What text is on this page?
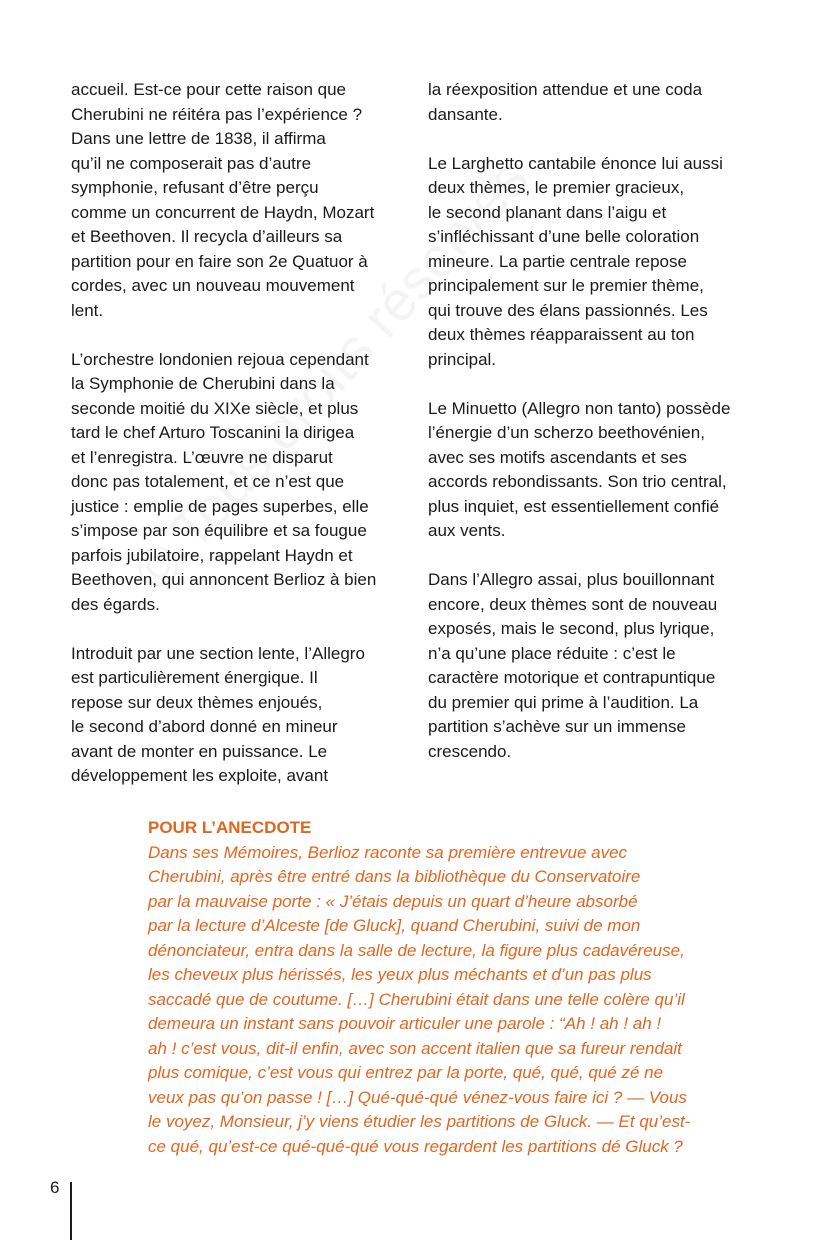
accueil. Est-ce pour cette raison que
Cherubini ne réitéra pas l’expérience ?
Dans une lettre de 1838, il affirma
qu’il ne composerait pas d’autre
symphonie, refusant d’être perçu
comme un concurrent de Haydn, Mozart
et Beethoven. Il recycla d’ailleurs sa
partition pour en faire son 2e Quatuor à
cordes, avec un nouveau mouvement
lent.
L’orchestre londonien rejoua cependant
la Symphonie de Cherubini dans la
seconde moitié du XIXe siècle, et plus
tard le chef Arturo Toscanini la dirigea
et l’enregistra. L’œuvre ne disparut
donc pas totalement, et ce n’est que
justice : emplie de pages superbes, elle
s’impose par son équilibre et sa fougue
parfois jubilatoire, rappelant Haydn et
Beethoven, qui annoncent Berlioz à bien
des égards.
Introduit par une section lente, l’Allegro
est particulièrement énergique. Il
repose sur deux thèmes enjoués,
le second d’abord donné en mineur
avant de monter en puissance. Le
développement les exploite, avant
la réexposition attendue et une coda
dansante.
Le Larghetto cantabile énonce lui aussi
deux thèmes, le premier gracieux,
le second planant dans l’aigu et
s’infléchissant d’une belle coloration
mineure. La partie centrale repose
principalement sur le premier thème,
qui trouve des élans passionnés. Les
deux thèmes réapparaissent au ton
principal.
Le Minuetto (Allegro non tanto) possède
l’énergie d’un scherzo beethovénien,
avec ses motifs ascendants et ses
accords rebondissants. Son trio central,
plus inquiet, est essentiellement confié
aux vents.
Dans l’Allegro assai, plus bouillonnant
encore, deux thèmes sont de nouveau
exposés, mais le second, plus lyrique,
n’a qu’une place réduite : c’est le
caractère motorique et contrapuntique
du premier qui prime à l’audition. La
partition s’achève sur un immense
crescendo.
POUR L’ANECDOTE
Dans ses Mémoires, Berlioz raconte sa première entrevue avec
Cherubini, après être entré dans la bibliothèque du Conservatoire
par la mauvaise porte : « J’étais depuis un quart d’heure absorbé
par la lecture d’Alceste [de Gluck], quand Cherubini, suivi de mon
dénonciateur, entra dans la salle de lecture, la figure plus cadavéreuse,
les cheveux plus hérissés, les yeux plus méchants et d’un pas plus
saccadé que de coutume. […] Cherubini était dans une telle colère qu’il
demeura un instant sans pouvoir articuler une parole : “Ah ! ah ! ah !
ah ! c’est vous, dit-il enfin, avec son accent italien que sa fureur rendait
plus comique, c’est vous qui entrez par la porte, qué, qué, qué zé ne
veux pas qu’on passe ! […] Qué-qué-qué vénez-vous faire ici ? — Vous
le voyez, Monsieur, j’y viens étudier les partitions de Gluck. — Et qu’est-
ce qué, qu’est-ce qué-qué-qué vous regardent les partitions dé Gluck ?
6
